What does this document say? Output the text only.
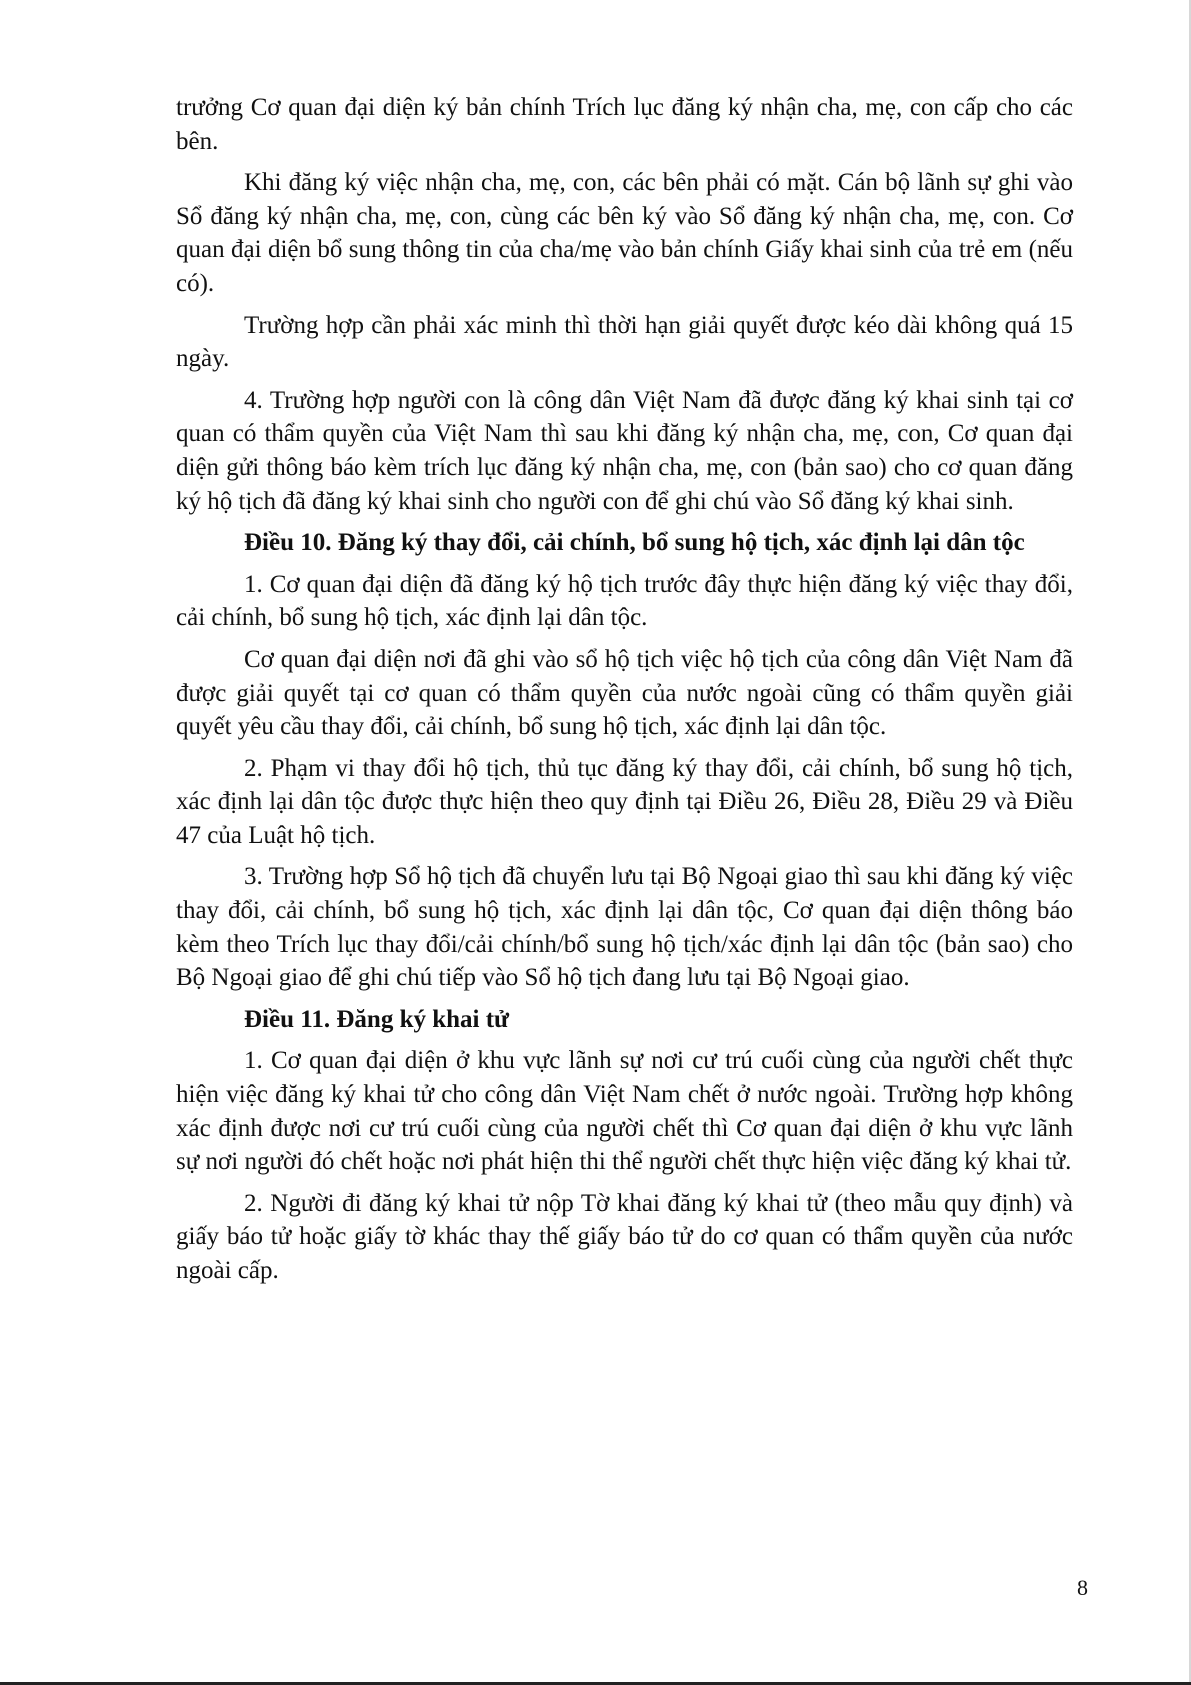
trưởng Cơ quan đại diện ký bản chính Trích lục đăng ký nhận cha, mẹ, con cấp cho các bên.

Khi đăng ký việc nhận cha, mẹ, con, các bên phải có mặt. Cán bộ lãnh sự ghi vào Sổ đăng ký nhận cha, mẹ, con, cùng các bên ký vào Sổ đăng ký nhận cha, mẹ, con. Cơ quan đại diện bổ sung thông tin của cha/mẹ vào bản chính Giấy khai sinh của trẻ em (nếu có).

Trường hợp cần phải xác minh thì thời hạn giải quyết được kéo dài không quá 15 ngày.

4. Trường hợp người con là công dân Việt Nam đã được đăng ký khai sinh tại cơ quan có thẩm quyền của Việt Nam thì sau khi đăng ký nhận cha, mẹ, con, Cơ quan đại diện gửi thông báo kèm trích lục đăng ký nhận cha, mẹ, con (bản sao) cho cơ quan đăng ký hộ tịch đã đăng ký khai sinh cho người con để ghi chú vào Sổ đăng ký khai sinh.

Điều 10. Đăng ký thay đổi, cải chính, bổ sung hộ tịch, xác định lại dân tộc

1. Cơ quan đại diện đã đăng ký hộ tịch trước đây thực hiện đăng ký việc thay đổi, cải chính, bổ sung hộ tịch, xác định lại dân tộc.

Cơ quan đại diện nơi đã ghi vào sổ hộ tịch việc hộ tịch của công dân Việt Nam đã được giải quyết tại cơ quan có thẩm quyền của nước ngoài cũng có thẩm quyền giải quyết yêu cầu thay đổi, cải chính, bổ sung hộ tịch, xác định lại dân tộc.

2. Phạm vi thay đổi hộ tịch, thủ tục đăng ký thay đổi, cải chính, bổ sung hộ tịch, xác định lại dân tộc được thực hiện theo quy định tại Điều 26, Điều 28, Điều 29 và Điều 47 của Luật hộ tịch.

3. Trường hợp Sổ hộ tịch đã chuyển lưu tại Bộ Ngoại giao thì sau khi đăng ký việc thay đổi, cải chính, bổ sung hộ tịch, xác định lại dân tộc, Cơ quan đại diện thông báo kèm theo Trích lục thay đổi/cải chính/bổ sung hộ tịch/xác định lại dân tộc (bản sao) cho Bộ Ngoại giao để ghi chú tiếp vào Sổ hộ tịch đang lưu tại Bộ Ngoại giao.

Điều 11. Đăng ký khai tử

1. Cơ quan đại diện ở khu vực lãnh sự nơi cư trú cuối cùng của người chết thực hiện việc đăng ký khai tử cho công dân Việt Nam chết ở nước ngoài. Trường hợp không xác định được nơi cư trú cuối cùng của người chết thì Cơ quan đại diện ở khu vực lãnh sự nơi người đó chết hoặc nơi phát hiện thi thể người chết thực hiện việc đăng ký khai tử.

2. Người đi đăng ký khai tử nộp Tờ khai đăng ký khai tử (theo mẫu quy định) và giấy báo tử hoặc giấy tờ khác thay thế giấy báo tử do cơ quan có thẩm quyền của nước ngoài cấp.

8
